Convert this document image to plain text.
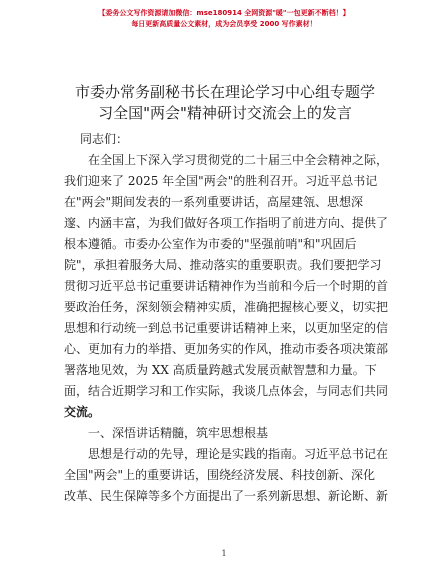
【委务公文写作资源请加微信：mse180914 全网资源"暖"一包更新不断档！】
每日更新高质量公文素材，成为会员享受 2000 写作素材！
市委办常务副秘书长在理论学习中心组专题学
习全国"两会"精神研讨交流会上的发言
同志们：
在全国上下深入学习贯彻党的二十届三中全会精神之际，
我们迎来了 2025 年全国"两会"的胜利召开。习近平总书记
在"两会"期间发表的一系列重要讲话，高屋建瓴、思想深
邃、内涵丰富，为我们做好各项工作指明了前进方向、提供了
根本遵循。市委办公室作为市委的"坚强前哨"和"巩固后
院"，承担着服务大局、推动落实的重要职责。我们要把学习
贯彻习近平总书记重要讲话精神作为当前和今后一个时期的首
要政治任务，深刻领会精神实质，准确把握核心要义，切实把
思想和行动统一到总书记重要讲话精神上来，以更加坚定的信
心、更加有力的举措、更加务实的作风，推动市委各项决策部
署落地见效，为 XX 高质量跨越式发展贡献智慧和力量。下
面，结合近期学习和工作实际，我谈几点体会，与同志们共同
交流。
一、深悟讲话精髓，筑牢思想根基
思想是行动的先导，理论是实践的指南。习近平总书记在
全国"两会"上的重要讲话，围绕经济发展、科技创新、深化
改革、民生保障等多个方面提出了一系列新思想、新论断、新
1
